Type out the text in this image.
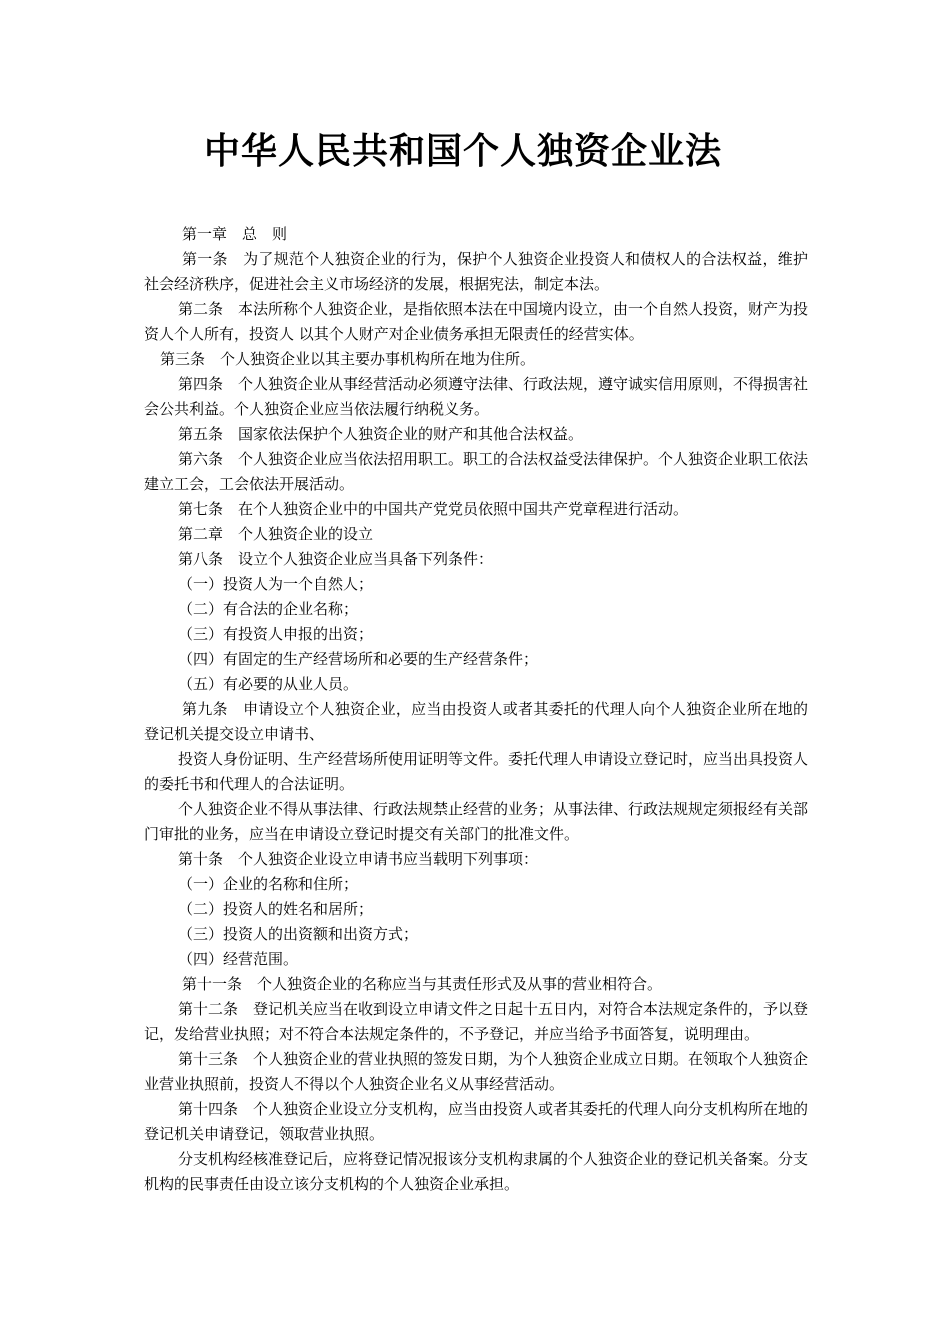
中华人民共和国个人独资企业法

第一章　总　则

第一条　为了规范个人独资企业的行为，保护个人独资企业投资人和债权人的合法权益，维护社会经济秩序，促进社会主义市场经济的发展，根据宪法，制定本法。

第二条　本法所称个人独资企业，是指依照本法在中国境内设立，由一个自然人投资，财产为投资人个人所有，投资人 以其个人财产对企业债务承担无限责任的经营实体。

第三条　个人独资企业以其主要办事机构所在地为住所。

第四条　个人独资企业从事经营活动必须遵守法律、行政法规，遵守诚实信用原则，不得损害社会公共利益。个人独资企业应当依法履行纳税义务。

第五条　国家依法保护个人独资企业的财产和其他合法权益。

第六条　个人独资企业应当依法招用职工。职工的合法权益受法律保护。个人独资企业职工依法建立工会，工会依法开展活动。

第七条　在个人独资企业中的中国共产党党员依照中国共产党章程进行活动。

第二章　个人独资企业的设立

第八条　设立个人独资企业应当具备下列条件：

（一）投资人为一个自然人；

（二）有合法的企业名称；

（三）有投资人申报的出资；

（四）有固定的生产经营场所和必要的生产经营条件；

（五）有必要的从业人员。

第九条　申请设立个人独资企业，应当由投资人或者其委托的代理人向个人独资企业所在地的登记机关提交设立申请书、

投资人身份证明、生产经营场所使用证明等文件。委托代理人申请设立登记时，应当出具投资人的委托书和代理人的合法证明。

个人独资企业不得从事法律、行政法规禁止经营的业务；从事法律、行政法规规定须报经有关部门审批的业务，应当在申请设立登记时提交有关部门的批准文件。

第十条　个人独资企业设立申请书应当载明下列事项：

（一）企业的名称和住所；

（二）投资人的姓名和居所；

（三）投资人的出资额和出资方式；

（四）经营范围。

第十一条　个人独资企业的名称应当与其责任形式及从事的营业相符合。

第十二条　登记机关应当在收到设立申请文件之日起十五日内，对符合本法规定条件的，予以登记，发给营业执照；对不符合本法规定条件的，不予登记，并应当给予书面答复，说明理由。

第十三条　个人独资企业的营业执照的签发日期，为个人独资企业成立日期。在领取个人独资企业营业执照前，投资人不得以个人独资企业名义从事经营活动。

第十四条　个人独资企业设立分支机构，应当由投资人或者其委托的代理人向分支机构所在地的登记机关申请登记，领取营业执照。

分支机构经核准登记后，应将登记情况报该分支机构隶属的个人独资企业的登记机关备案。分支机构的民事责任由设立该分支机构的个人独资企业承担。
